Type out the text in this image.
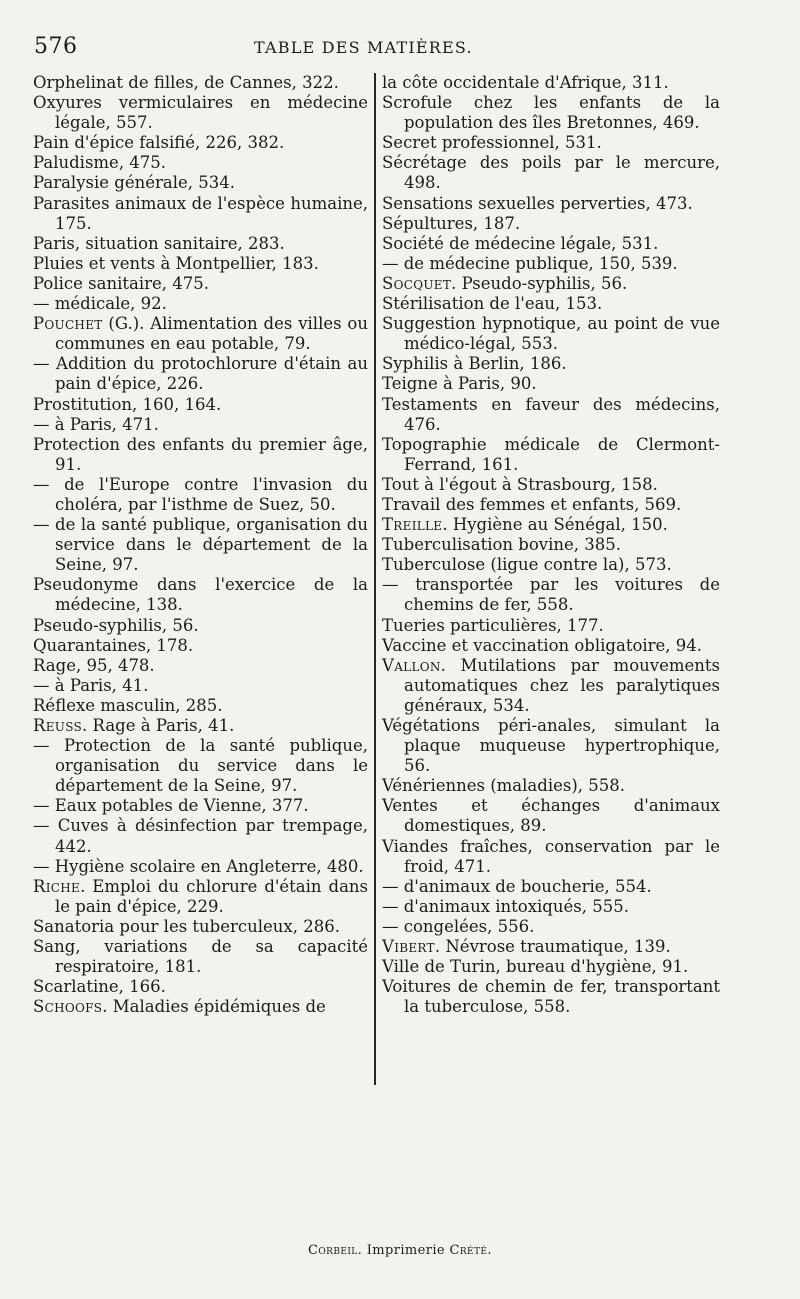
576	TABLE DES MATIÈRES.

Orphelinat de filles, de Cannes, 322.

Oxyures vermiculaires en médecine légale, 557.

Pain d'épice falsifié, 226, 382.

Paludisme, 475.

Paralysie générale, 534.

Parasites animaux de l'espèce humaine, 175.

Paris, situation sanitaire, 283.

Pluies et vents à Montpellier, 183.

Police sanitaire, 475.

— médicale, 92.

Pouchet (G.). Alimentation des villes ou communes en eau potable, 79.

— Addition du protochlorure d'étain au pain d'épice, 226.

Prostitution, 160, 164.

— à Paris, 471.

Protection des enfants du premier âge, 91.

— de l'Europe contre l'invasion du choléra, par l'isthme de Suez, 50.

— de la santé publique, organisation du service dans le département de la Seine, 97.

Pseudonyme dans l'exercice de la médecine, 138.

Pseudo-syphilis, 56.

Quarantaines, 178.

Rage, 95, 478.

— à Paris, 41.

Réflexe masculin, 285.

Reuss. Rage à Paris, 41.

— Protection de la santé publique, organisation du service dans le département de la Seine, 97.

— Eaux potables de Vienne, 377.

— Cuves à désinfection par trempage, 442.

— Hygiène scolaire en Angleterre, 480.

Riche. Emploi du chlorure d'étain dans le pain d'épice, 229.

Sanatoria pour les tuberculeux, 286.

Sang, variations de sa capacité respiratoire, 181.

Scarlatine, 166.

Schoofs. Maladies épidémiques de

la côte occidentale d'Afrique, 311.

Scrofule chez les enfants de la population des îles Bretonnes, 469.

Secret professionnel, 531.

Sécrétage des poils par le mercure, 498.

Sensations sexuelles perverties, 473.

Sépultures, 187.

Société de médecine légale, 531.

— de médecine publique, 150, 539.

Socquet. Pseudo-syphilis, 56.

Stérilisation de l'eau, 153.

Suggestion hypnotique, au point de vue médico-légal, 553.

Syphilis à Berlin, 186.

Teigne à Paris, 90.

Testaments en faveur des médecins, 476.

Topographie médicale de Clermont-Ferrand, 161.

Tout à l'égout à Strasbourg, 158.

Travail des femmes et enfants, 569.

Treille. Hygiène au Sénégal, 150.

Tuberculisation bovine, 385.

Tuberculose (ligue contre la), 573.

— transportée par les voitures de chemins de fer, 558.

Tueries particulières, 177.

Vaccine et vaccination obligatoire, 94.

Vallon. Mutilations par mouvements automatiques chez les paralytiques généraux, 534.

Végétations péri-anales, simulant la plaque muqueuse hypertrophique, 56.

Vénériennes (maladies), 558.

Ventes et échanges d'animaux domestiques, 89.

Viandes fraîches, conservation par le froid, 471.

— d'animaux de boucherie, 554.

— d'animaux intoxiqués, 555.

— congelées, 556.

Vibert. Névrose traumatique, 139.

Ville de Turin, bureau d'hygiène, 91.

Voitures de chemin de fer, transportant la tuberculose, 558.

Corbeil. Imprimerie Crété.
